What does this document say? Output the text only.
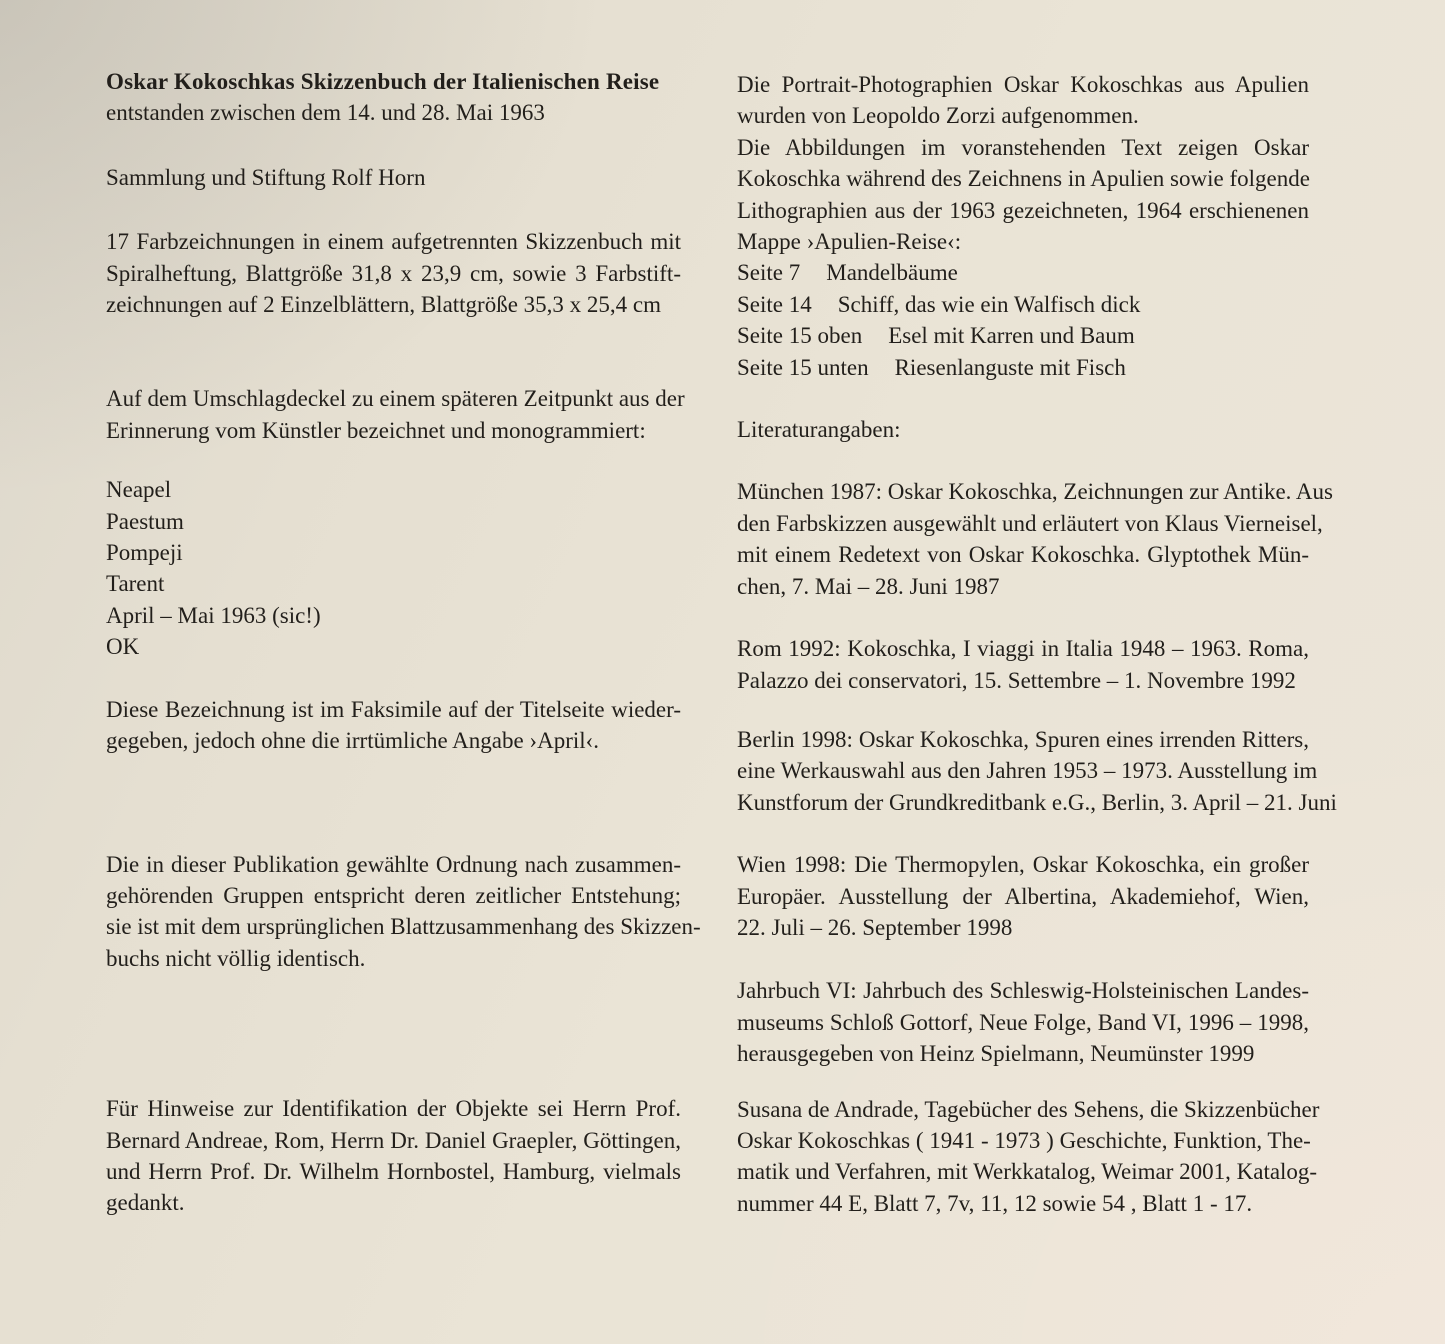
Oskar Kokoschkas Skizzenbuch der Italienischen Reise
entstanden zwischen dem 14. und 28. Mai 1963
Sammlung und Stiftung Rolf Horn
17 Farbzeichnungen in einem aufgetrennten Skizzenbuch mit
Spiralheftung, Blattgröße 31,8 x 23,9 cm, sowie 3 Farbstift-
zeichnungen auf 2 Einzelblättern, Blattgröße 35,3 x 25,4 cm
Auf dem Umschlagdeckel zu einem späteren Zeitpunkt aus der
Erinnerung vom Künstler bezeichnet und monogrammiert:
Neapel
Paestum
Pompeji
Tarent
April – Mai 1963 (sic!)
OK
Diese Bezeichnung ist im Faksimile auf der Titelseite wieder-
gegeben, jedoch ohne die irrtümliche Angabe ›April‹.
Die in dieser Publikation gewählte Ordnung nach zusammen-
gehörenden Gruppen entspricht deren zeitlicher Entstehung;
sie ist mit dem ursprünglichen Blattzusammenhang des Skizzen-
buchs nicht völlig identisch.
Für Hinweise zur Identifikation der Objekte sei Herrn Prof.
Bernard Andreae, Rom, Herrn Dr. Daniel Graepler, Göttingen,
und Herrn Prof. Dr. Wilhelm Hornbostel, Hamburg, vielmals
gedankt.
Die Portrait-Photographien Oskar Kokoschkas aus Apulien
wurden von Leopoldo Zorzi aufgenommen.
Die Abbildungen im voranstehenden Text zeigen Oskar
Kokoschka während des Zeichnens in Apulien sowie folgende
Lithographien aus der 1963 gezeichneten, 1964 erschienenen
Mappe ›Apulien-Reise‹:
Seite 7 Mandelbäume
Seite 14 Schiff, das wie ein Walfisch dick
Seite 15 oben Esel mit Karren und Baum
Seite 15 unten Riesenlanguste mit Fisch
Literaturangaben:
München 1987: Oskar Kokoschka, Zeichnungen zur Antike. Aus
den Farbskizzen ausgewählt und erläutert von Klaus Vierneisel,
mit einem Redetext von Oskar Kokoschka. Glyptothek Mün-
chen, 7. Mai – 28. Juni 1987
Rom 1992: Kokoschka, I viaggi in Italia 1948 – 1963. Roma,
Palazzo dei conservatori, 15. Settembre – 1. Novembre 1992
Berlin 1998: Oskar Kokoschka, Spuren eines irrenden Ritters,
eine Werkauswahl aus den Jahren 1953 – 1973. Ausstellung im
Kunstforum der Grundkreditbank e.G., Berlin, 3. April – 21. Juni
Wien 1998: Die Thermopylen, Oskar Kokoschka, ein großer
Europäer. Ausstellung der Albertina, Akademiehof, Wien,
22. Juli – 26. September 1998
Jahrbuch VI: Jahrbuch des Schleswig-Holsteinischen Landes-
museums Schloß Gottorf, Neue Folge, Band VI, 1996 – 1998,
herausgegeben von Heinz Spielmann, Neumünster 1999
Susana de Andrade, Tagebücher des Sehens, die Skizzenbücher
Oskar Kokoschkas ( 1941 - 1973 ) Geschichte, Funktion, The-
matik und Verfahren, mit Werkkatalog, Weimar 2001, Katalog-
nummer 44 E, Blatt 7, 7v, 11, 12 sowie 54 , Blatt 1 - 17.
